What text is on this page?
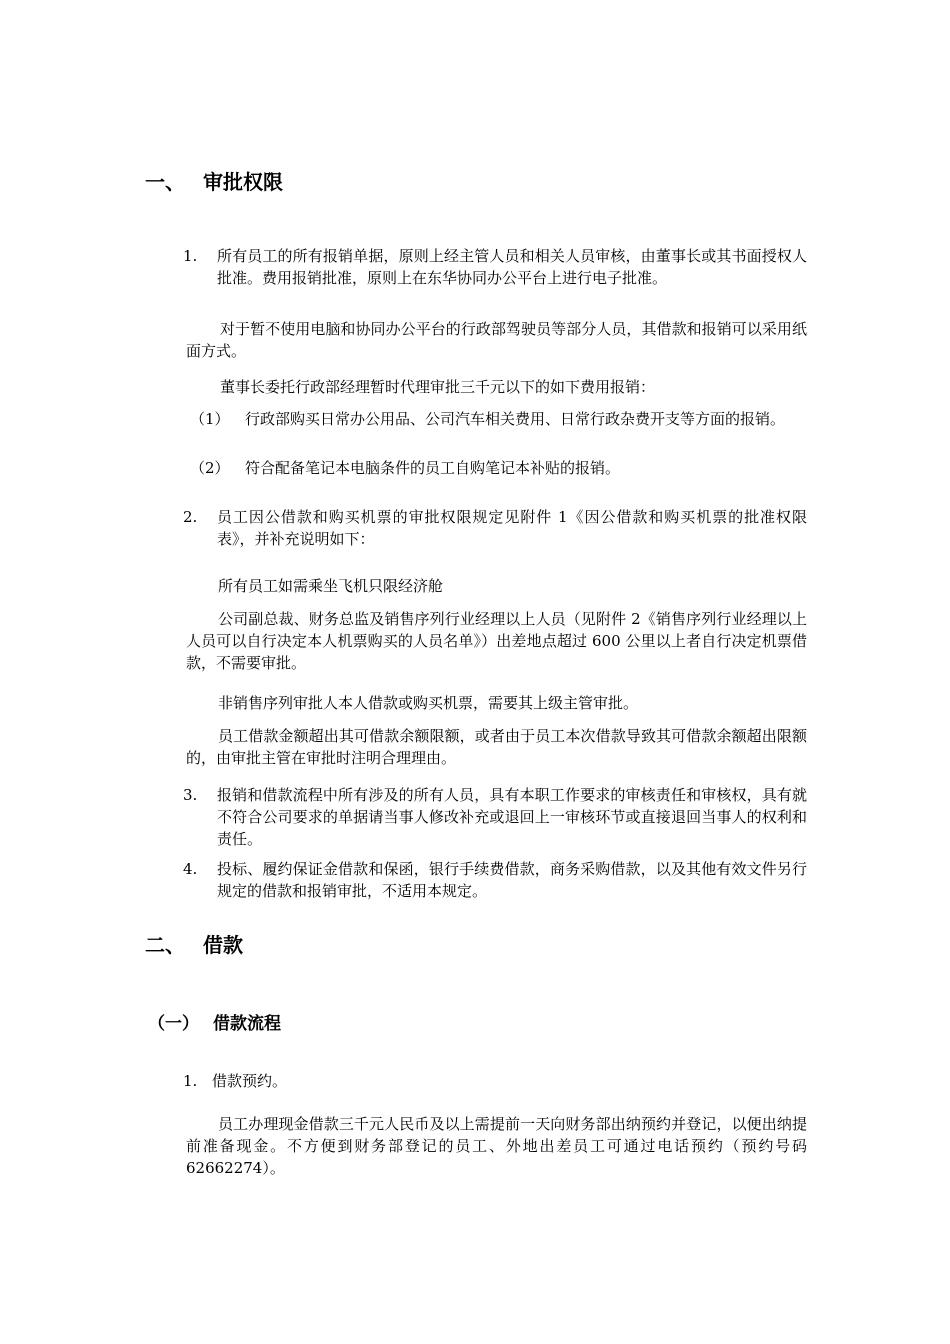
一、 审批权限
1. 所有员工的所有报销单据，原则上经主管人员和相关人员审核，由董事长或其书面授权人批准。费用报销批准，原则上在东华协同办公平台上进行电子批准。
对于暂不使用电脑和协同办公平台的行政部驾驶员等部分人员，其借款和报销可以采用纸面方式。
董事长委托行政部经理暂时代理审批三千元以下的如下费用报销：
（1） 行政部购买日常办公用品、公司汽车相关费用、日常行政杂费开支等方面的报销。
（2） 符合配备笔记本电脑条件的员工自购笔记本补贴的报销。
2. 员工因公借款和购买机票的审批权限规定见附件 1《因公借款和购买机票的批准权限表》，并补充说明如下：
所有员工如需乘坐飞机只限经济舱
公司副总裁、财务总监及销售序列行业经理以上人员（见附件 2《销售序列行业经理以上人员可以自行决定本人机票购买的人员名单》）出差地点超过 600 公里以上者自行决定机票借款，不需要审批。
非销售序列审批人本人借款或购买机票，需要其上级主管审批。
员工借款金额超出其可借款余额限额，或者由于员工本次借款导致其可借款余额超出限额的，由审批主管在审批时注明合理理由。
3. 报销和借款流程中所有涉及的所有人员，具有本职工作要求的审核责任和审核权，具有就不符合公司要求的单据请当事人修改补充或退回上一审核环节或直接退回当事人的权利和责任。
4. 投标、履约保证金借款和保函，银行手续费借款，商务采购借款，以及其他有效文件另行规定的借款和报销审批，不适用本规定。
二、 借款
（一） 借款流程
1. 借款预约。
员工办理现金借款三千元人民币及以上需提前一天向财务部出纳预约并登记，以便出纳提前准备现金。不方便到财务部登记的员工、外地出差员工可通过电话预约（预约号码 62662274）。
